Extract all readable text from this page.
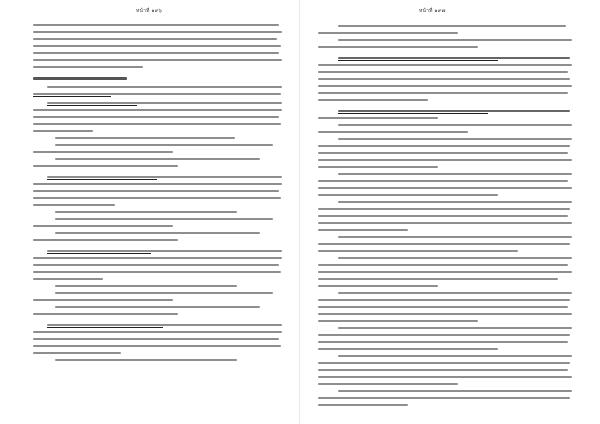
หน้าที่ ๑๙๖	หน้าที่ ๑๙๗
